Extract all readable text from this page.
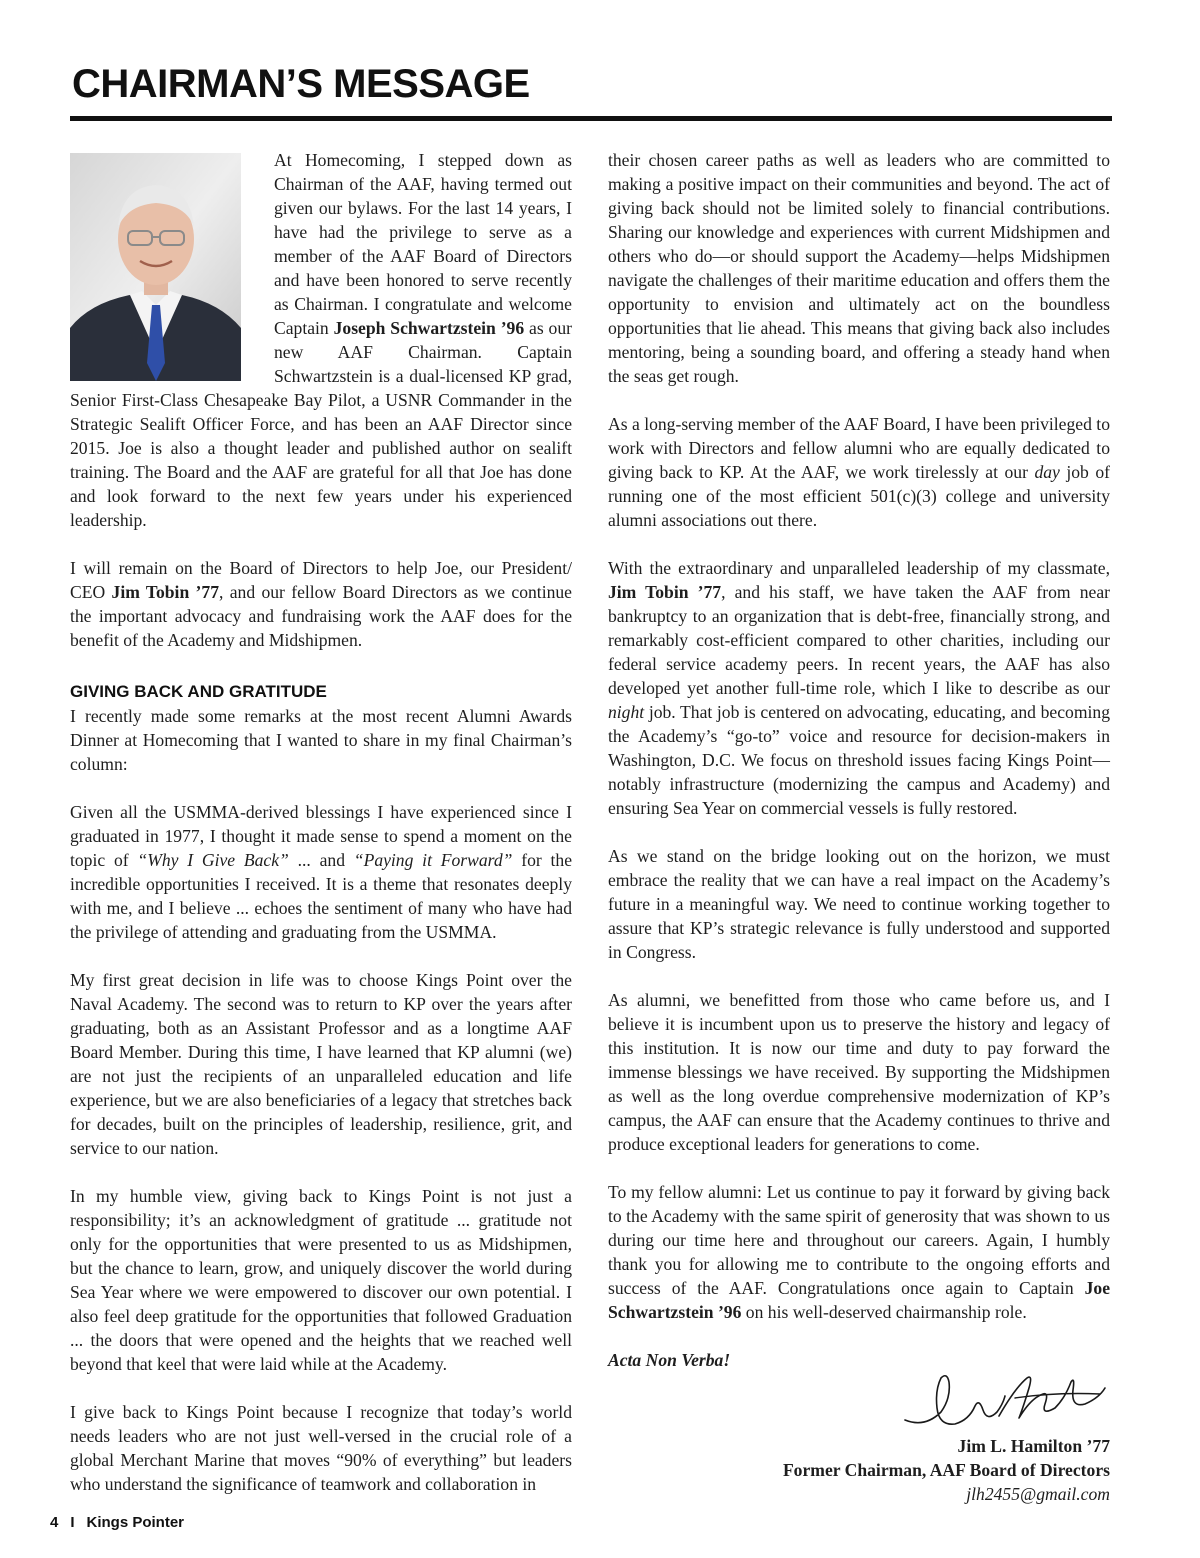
CHAIRMAN’S MESSAGE

At Homecoming, I stepped down as Chairman of the AAF, having termed out given our bylaws. For the last 14 years, I have had the privilege to serve as a member of the AAF Board of Directors and have been honored to serve recently as Chairman. I congratulate and welcome Captain Joseph Schwartzstein ’96 as our new AAF Chairman. Captain Schwartzstein is a dual-licensed KP grad, Senior First-Class Chesapeake Bay Pilot, a USNR Commander in the Strategic Sealift Officer Force, and has been an AAF Director since 2015. Joe is also a thought leader and published author on sealift training. The Board and the AAF are grateful for all that Joe has done and look forward to the next few years under his experienced leadership.

I will remain on the Board of Directors to help Joe, our President/ CEO Jim Tobin ’77, and our fellow Board Directors as we continue the important advocacy and fundraising work the AAF does for the benefit of the Academy and Midshipmen.

GIVING BACK AND GRATITUDE

I recently made some remarks at the most recent Alumni Awards Dinner at Homecoming that I wanted to share in my final Chairman’s column:

Given all the USMMA-derived blessings I have experienced since I graduated in 1977, I thought it made sense to spend a moment on the topic of “Why I Give Back” ... and “Paying it Forward” for the incredible opportunities I received. It is a theme that resonates deeply with me, and I believe ... echoes the sentiment of many who have had the privilege of attending and graduating from the USMMA.

My first great decision in life was to choose Kings Point over the Naval Academy. The second was to return to KP over the years after graduating, both as an Assistant Professor and as a longtime AAF Board Member. During this time, I have learned that KP alumni (we) are not just the recipients of an unparalleled education and life experience, but we are also beneficiaries of a legacy that stretches back for decades, built on the principles of leadership, resilience, grit, and service to our nation.

In my humble view, giving back to Kings Point is not just a responsibility; it’s an acknowledgment of gratitude ... gratitude not only for the opportunities that were presented to us as Midshipmen, but the chance to learn, grow, and uniquely discover the world during Sea Year where we were empowered to discover our own potential. I also feel deep gratitude for the opportunities that followed Graduation ... the doors that were opened and the heights that we reached well beyond that keel that were laid while at the Academy.

I give back to Kings Point because I recognize that today’s world needs leaders who are not just well-versed in the crucial role of a global Merchant Marine that moves “90% of everything” but leaders who understand the significance of teamwork and collaboration in

their chosen career paths as well as leaders who are committed to making a positive impact on their communities and beyond. The act of giving back should not be limited solely to financial contributions. Sharing our knowledge and experiences with current Midshipmen and others who do—or should support the Academy—helps Midshipmen navigate the challenges of their maritime education and offers them the opportunity to envision and ultimately act on the boundless opportunities that lie ahead. This means that giving back also includes mentoring, being a sounding board, and offering a steady hand when the seas get rough.

As a long-serving member of the AAF Board, I have been privileged to work with Directors and fellow alumni who are equally dedicated to giving back to KP. At the AAF, we work tirelessly at our day job of running one of the most efficient 501(c)(3) college and university alumni associations out there.

With the extraordinary and unparalleled leadership of my classmate, Jim Tobin ’77, and his staff, we have taken the AAF from near bankruptcy to an organization that is debt-free, financially strong, and remarkably cost-efficient compared to other charities, including our federal service academy peers. In recent years, the AAF has also developed yet another full-time role, which I like to describe as our night job. That job is centered on advocating, educating, and becoming the Academy’s “go-to” voice and resource for decision-makers in Washington, D.C. We focus on threshold issues facing Kings Point—notably infrastructure (modernizing the campus and Academy) and ensuring Sea Year on commercial vessels is fully restored.

As we stand on the bridge looking out on the horizon, we must embrace the reality that we can have a real impact on the Academy’s future in a meaningful way. We need to continue working together to assure that KP’s strategic relevance is fully understood and supported in Congress.

As alumni, we benefitted from those who came before us, and I believe it is incumbent upon us to preserve the history and legacy of this institution. It is now our time and duty to pay forward the immense blessings we have received. By supporting the Midshipmen as well as the long overdue comprehensive modernization of KP’s campus, the AAF can ensure that the Academy continues to thrive and produce exceptional leaders for generations to come.

To my fellow alumni: Let us continue to pay it forward by giving back to the Academy with the same spirit of generosity that was shown to us during our time here and throughout our careers. Again, I humbly thank you for allowing me to contribute to the ongoing efforts and success of the AAF. Congratulations once again to Captain Joe Schwartzstein ’96 on his well-deserved chairmanship role.

Acta Non Verba!

Jim L. Hamilton ’77
Former Chairman, AAF Board of Directors
jlh2455@gmail.com
4 I Kings Pointer
